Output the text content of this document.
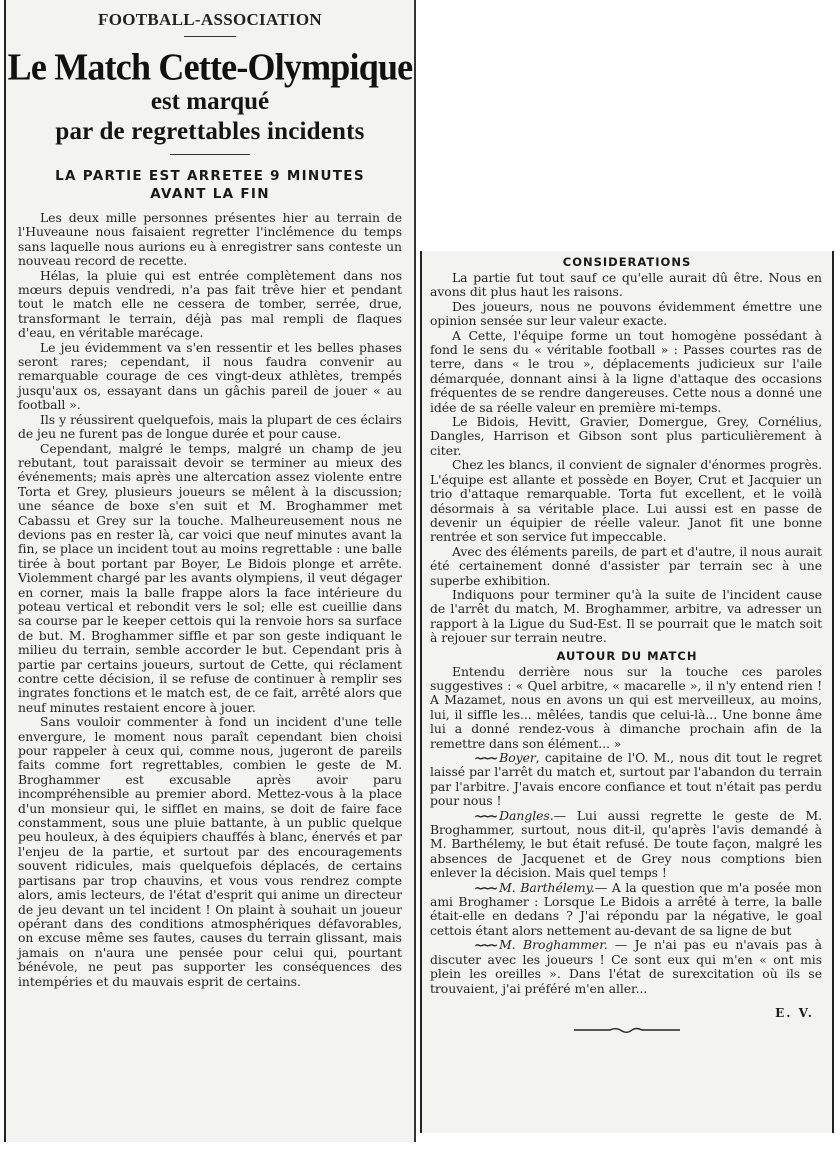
FOOTBALL-ASSOCIATION
Le Match Cette-Olympique
est marqué
par de regrettables incidents
LA PARTIE EST ARRETEE 9 MINUTES
AVANT LA FIN

Les deux mille personnes présentes hier au terrain de l'Huveaune nous faisaient regretter l'inclémence du temps sans laquelle nous aurions eu à enregistrer sans conteste un nouveau record de recette.

Hélas, la pluie qui est entrée complètement dans nos mœurs depuis vendredi, n'a pas fait trêve hier et pendant tout le match elle ne cessera de tomber, serrée, drue, transformant le terrain, déjà pas mal rempli de flaques d'eau, en véritable marécage.

Le jeu évidemment va s'en ressentir et les belles phases seront rares; cependant, il nous faudra convenir au remarquable courage de ces vingt-deux athlètes, trempés jusqu'aux os, essayant dans un gâchis pareil de jouer « au football ».

Ils y réussirent quelquefois, mais la plupart de ces éclairs de jeu ne furent pas de longue durée et pour cause.

Cependant, malgré le temps, malgré un champ de jeu rebutant, tout paraissait devoir se terminer au mieux des événements; mais après une altercation assez violente entre Torta et Grey, plusieurs joueurs se mêlent à la discussion; une séance de boxe s'en suit et M. Broghammer met Cabassu et Grey sur la touche. Malheureusement nous ne devions pas en rester là, car voici que neuf minutes avant la fin, se place un incident tout au moins regrettable : une balle tirée à bout portant par Boyer, Le Bidois plonge et arrête. Violemment chargé par les avants olympiens, il veut dégager en corner, mais la balle frappe alors la face intérieure du poteau vertical et rebondit vers le sol; elle est cueillie dans sa course par le keeper cettois qui la renvoie hors sa surface de but. M. Broghammer siffle et par son geste indiquant le milieu du terrain, semble accorder le but. Cependant pris à partie par certains joueurs, surtout de Cette, qui réclament contre cette décision, il se refuse de continuer à remplir ses ingrates fonctions et le match est, de ce fait, arrêté alors que neuf minutes restaient encore à jouer.

Sans vouloir commenter à fond un incident d'une telle envergure, le moment nous paraît cependant bien choisi pour rappeler à ceux qui, comme nous, jugeront de pareils faits comme fort regrettables, combien le geste de M. Broghammer est excusable après avoir paru incompréhensible au premier abord. Mettez-vous à la place d'un monsieur qui, le sifflet en mains, se doit de faire face constamment, sous une pluie battante, à un public quelque peu houleux, à des équipiers chauffés à blanc, énervés et par l'enjeu de la partie, et surtout par des encouragements souvent ridicules, mais quelquefois déplacés, de certains partisans par trop chauvins, et vous vous rendrez compte alors, amis lecteurs, de l'état d'esprit qui anime un directeur de jeu devant un tel incident ! On plaint à souhait un joueur opérant dans des conditions atmosphériques défavorables, on excuse même ses fautes, causes du terrain glissant, mais jamais on n'aura une pensée pour celui qui, pourtant bénévole, ne peut pas supporter les conséquences des intempéries et du mauvais esprit de certains.

CONSIDERATIONS

La partie fut tout sauf ce qu'elle aurait dû être. Nous en avons dit plus haut les raisons.

Des joueurs, nous ne pouvons évidemment émettre une opinion sensée sur leur valeur exacte.

A Cette, l'équipe forme un tout homogène possédant à fond le sens du « véritable football » : Passes courtes ras de terre, dans « le trou », déplacements judicieux sur l'aile démarquée, donnant ainsi à la ligne d'attaque des occasions fréquentes de se rendre dangereuses. Cette nous a donné une idée de sa réelle valeur en première mi-temps.

Le Bidois, Hevitt, Gravier, Domergue, Grey, Cornélius, Dangles, Harrison et Gibson sont plus particulièrement à citer.

Chez les blancs, il convient de signaler d'énormes progrès. L'équipe est allante et possède en Boyer, Crut et Jacquier un trio d'attaque remarquable. Torta fut excellent, et le voilà désormais à sa véritable place. Lui aussi est en passe de devenir un équipier de réelle valeur. Janot fit une bonne rentrée et son service fut impeccable.

Avec des éléments pareils, de part et d'autre, il nous aurait été certainement donné d'assister par terrain sec à une superbe exhibition.

Indiquons pour terminer qu'à la suite de l'incident cause de l'arrêt du match, M. Broghammer, arbitre, va adresser un rapport à la Ligue du Sud-Est. Il se pourrait que le match soit à rejouer sur terrain neutre.

AUTOUR DU MATCH

Entendu derrière nous sur la touche ces paroles suggestives : « Quel arbitre, « macarelle », il n'y entend rien ! A Mazamet, nous en avons un qui est merveilleux, au moins, lui, il siffle les... mêlées, tandis que celui-là... Une bonne âme lui a donné rendez-vous à dimanche prochain afin de la remettre dans son élément... »

~~~ Boyer, capitaine de l'O. M., nous dit tout le regret laissé par l'arrêt du match et, surtout par l'abandon du terrain par l'arbitre. J'avais encore confiance et tout n'était pas perdu pour nous !

~~~ Dangles.— Lui aussi regrette le geste de M. Broghammer, surtout, nous dit-il, qu'après l'avis demandé à M. Barthélemy, le but était refusé. De toute façon, malgré les absences de Jacquenet et de Grey nous comptions bien enlever la décision. Mais quel temps !

~~~ M. Barthélemy.— A la question que m'a posée mon ami Broghamer : Lorsque Le Bidois a arrêté à terre, la balle était-elle en dedans ? J'ai répondu par la négative, le goal cettois étant alors nettement au-devant de sa ligne de but

~~~ M. Broghammer. — Je n'ai pas eu n'avais pas à discuter avec les joueurs ! Ce sont eux qui m'en « ont mis plein les oreilles ». Dans l'état de surexcitation où ils se trouvaient, j'ai préféré m'en aller...

E. V.
